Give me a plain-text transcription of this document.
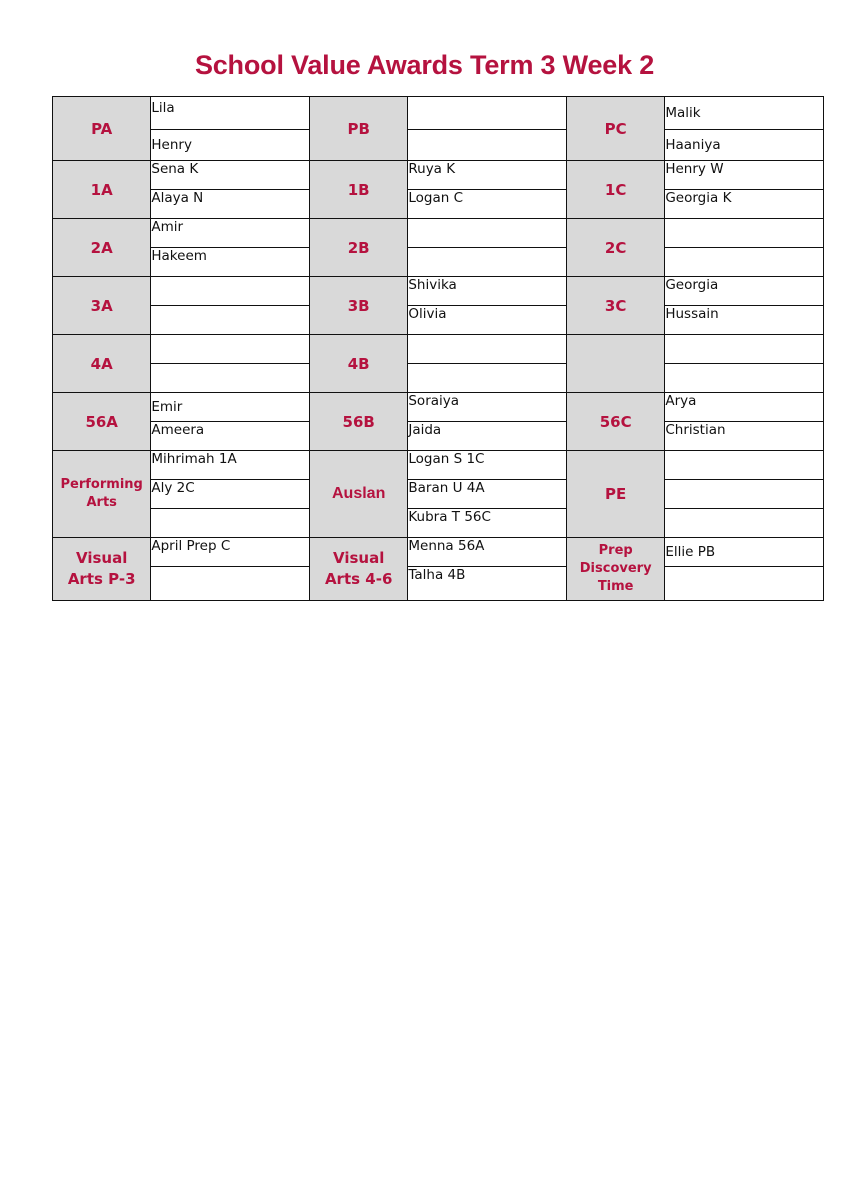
School Value Awards Term 3 Week 2
PA	Lila	PB		PC	Malik
	Henry				Haaniya
1A	Sena K	1B	Ruya K	1C	Henry W
	Alaya N		Logan C		Georgia K
2A	Amir	2B		2C	
	Hakeem				
3A		3B	Shivika	3C	Georgia
			Olivia		Hussain
4A		4B			

56A	Emir	56B	Soraiya	56C	Arya
	Ameera		Jaida		Christian
Performing Arts	Mihrimah 1A	Auslan	Logan S 1C	PE	
	Aly 2C		Baran U 4A		
			Kubra T 56C		
Visual Arts P-3	April Prep C	Visual Arts 4-6	Menna 56A	Prep Discovery Time	Ellie PB
			Talha 4B		
